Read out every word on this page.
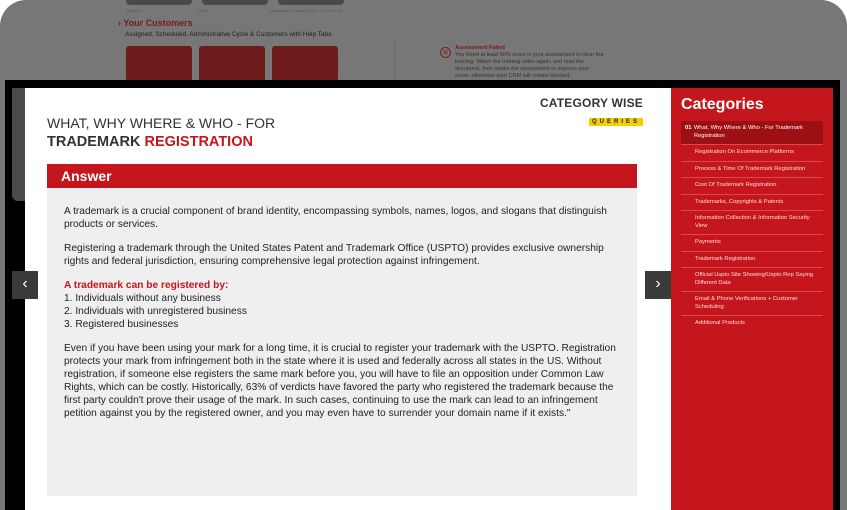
Watched	Read	Assessment Cleared (90% - 18 out of 20)
› Your Customers
Assigned, Scheduled, Administrative Cycle & Customers with Help Tabs
✕	Assessment Failed
You Need at least 90% score in your assessment to clear the training. Watch the training video again, and read the document, then retake the assessment to improve your score, otherwise your CRM will remain blocked.
CATEGORY WISE
QUERIES
WHAT, WHY WHERE & WHO - FOR
TRADEMARK REGISTRATION
Answer

A trademark is a crucial component of brand identity, encompassing symbols, names, logos, and slogans that distinguish products or services.

Registering a trademark through the United States Patent and Trademark Office (USPTO) provides exclusive ownership rights and federal jurisdiction, ensuring comprehensive legal protection against infringement.

A trademark can be registered by:
1. Individuals without any business
2. Individuals with unregistered business
3. Registered businesses

Even if you have been using your mark for a long time, it is crucial to register your trademark with the USPTO. Registration protects your mark from infringement both in the state where it is used and federally across all states in the US. Without registration, if someone else registers the same mark before you, you will have to file an opposition under Common Law Rights, which can be costly. Historically, 63% of verdicts have favored the party who registered the trademark because the first party couldn't prove their usage of the mark. In such cases, continuing to use the mark can lead to an infringement petition against you by the registered owner, and you may even have to surrender your domain name if it exists."

‹	›
Categories
01 What, Why Where & Who - For Trademark Registration
Registration On Ecommerce Platforms
Process & Time Of Trademark Registration
Cost Of Trademark Registration
Trademarks, Copyrights & Patents
Information Collection & Information Security View
Payments
Trademark Registration
Official Uspto Site Showing/Uspto Rep Saying Different Data
Email & Phone Verifications + Customer Scheduling
Additional Products
